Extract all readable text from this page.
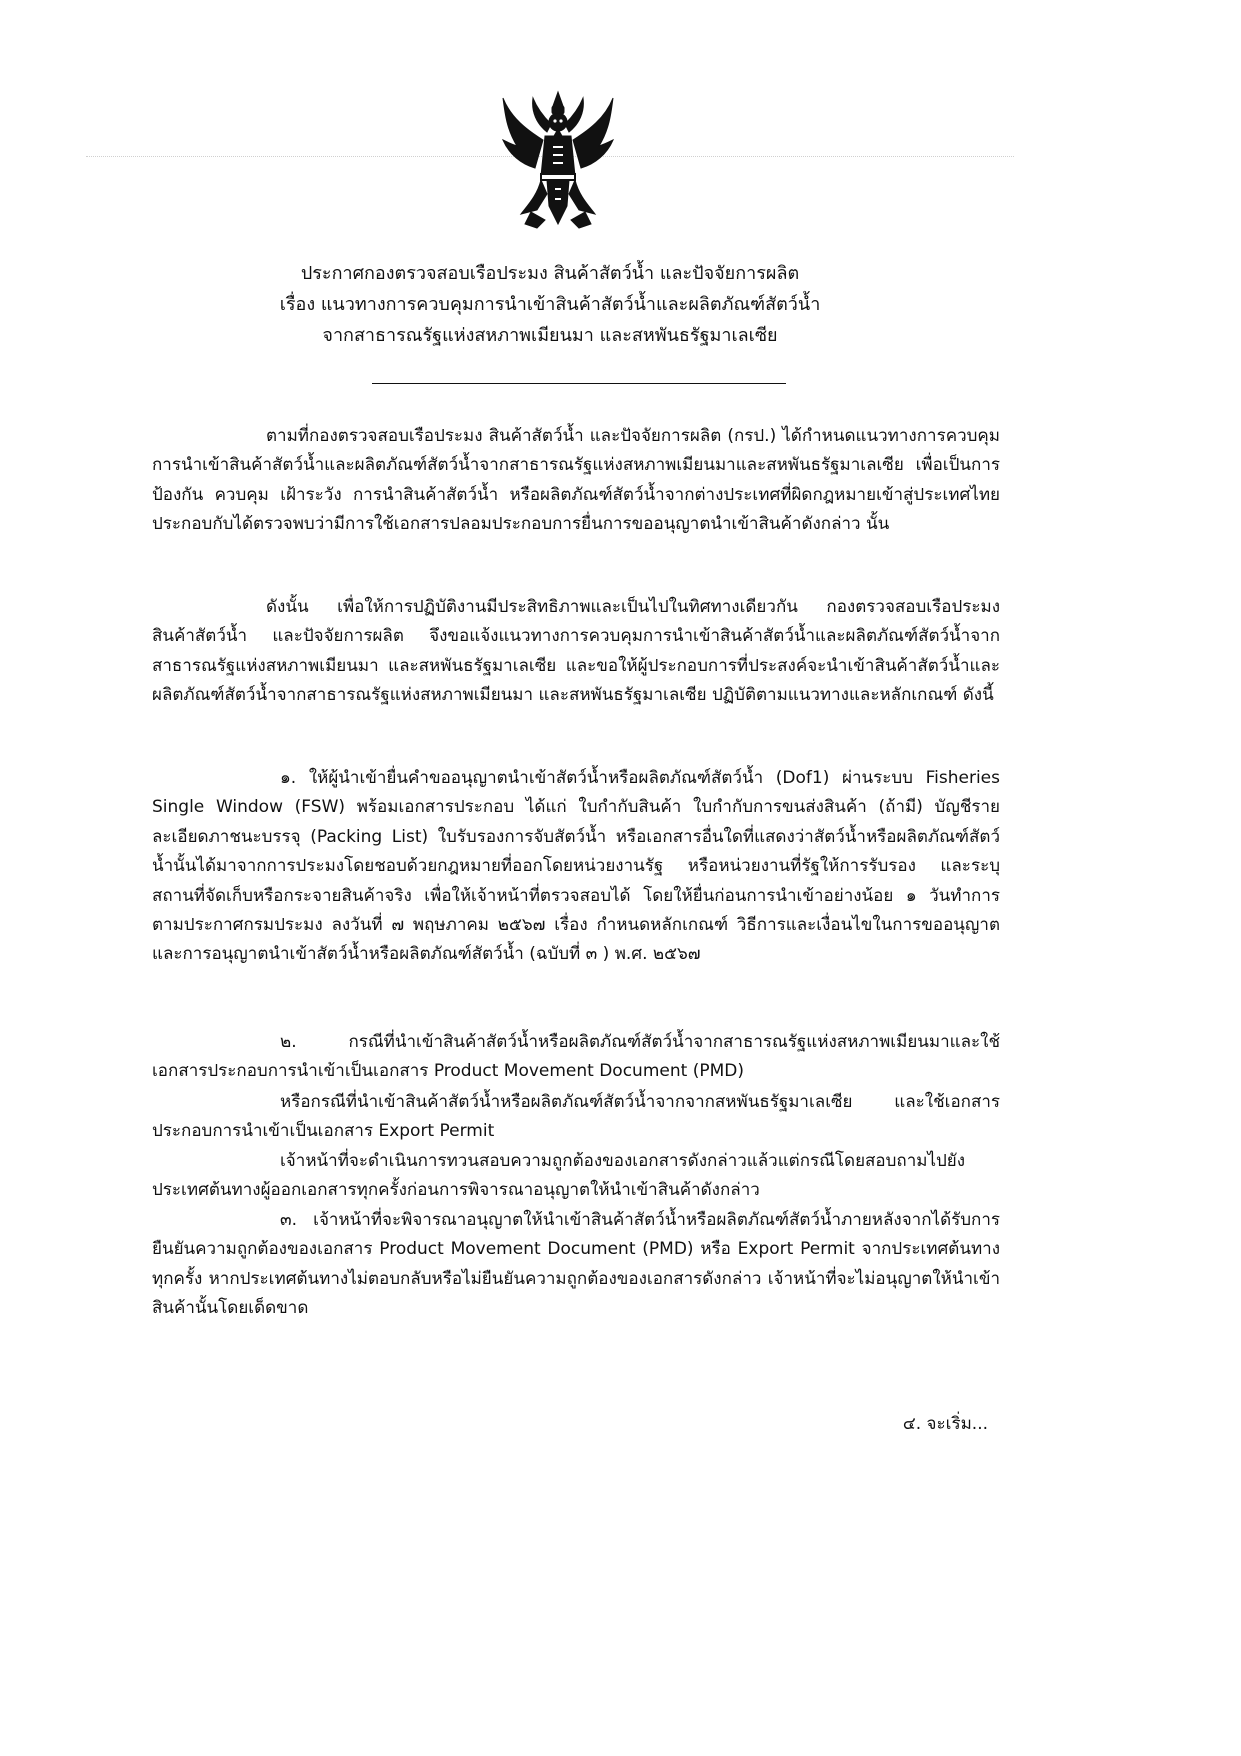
ประกาศกองตรวจสอบเรือประมง สินค้าสัตว์น้ำ และปัจจัยการผลิต
เรื่อง แนวทางการควบคุมการนำเข้าสินค้าสัตว์น้ำและผลิตภัณฑ์สัตว์น้ำ
จากสาธารณรัฐแห่งสหภาพเมียนมา และสหพันธรัฐมาเลเซีย

ตามที่กองตรวจสอบเรือประมง สินค้าสัตว์น้ำ และปัจจัยการผลิต (กรป.) ได้กำหนดแนวทางการควบคุมการนำเข้าสินค้าสัตว์น้ำและผลิตภัณฑ์สัตว์น้ำจากสาธารณรัฐแห่งสหภาพเมียนมาและสหพันธรัฐมาเลเซีย เพื่อเป็นการป้องกัน ควบคุม เฝ้าระวัง การนำสินค้าสัตว์น้ำ หรือผลิตภัณฑ์สัตว์น้ำจากต่างประเทศที่ผิดกฎหมายเข้าสู่ประเทศไทย ประกอบกับได้ตรวจพบว่ามีการใช้เอกสารปลอมประกอบการยื่นการขออนุญาตนำเข้าสินค้าดังกล่าว นั้น

ดังนั้น เพื่อให้การปฏิบัติงานมีประสิทธิภาพและเป็นไปในทิศทางเดียวกัน กองตรวจสอบเรือประมง สินค้าสัตว์น้ำ และปัจจัยการผลิต จึงขอแจ้งแนวทางการควบคุมการนำเข้าสินค้าสัตว์น้ำและผลิตภัณฑ์สัตว์น้ำจากสาธารณรัฐแห่งสหภาพเมียนมา และสหพันธรัฐมาเลเซีย และขอให้ผู้ประกอบการที่ประสงค์จะนำเข้าสินค้าสัตว์น้ำและผลิตภัณฑ์สัตว์น้ำจากสาธารณรัฐแห่งสหภาพเมียนมา และสหพันธรัฐมาเลเซีย ปฏิบัติตามแนวทางและหลักเกณฑ์ ดังนี้

๑. ให้ผู้นำเข้ายื่นคำขออนุญาตนำเข้าสัตว์น้ำหรือผลิตภัณฑ์สัตว์น้ำ (Dof1) ผ่านระบบ Fisheries Single Window (FSW) พร้อมเอกสารประกอบ ได้แก่ ใบกำกับสินค้า ใบกำกับการขนส่งสินค้า (ถ้ามี) บัญชีรายละเอียดภาชนะบรรจุ (Packing List) ใบรับรองการจับสัตว์น้ำ หรือเอกสารอื่นใดที่แสดงว่าสัตว์น้ำหรือผลิตภัณฑ์สัตว์น้ำนั้นได้มาจากการประมงโดยชอบด้วยกฎหมายที่ออกโดยหน่วยงานรัฐ หรือหน่วยงานที่รัฐให้การรับรอง และระบุสถานที่จัดเก็บหรือกระจายสินค้าจริง เพื่อให้เจ้าหน้าที่ตรวจสอบได้ โดยให้ยื่นก่อนการนำเข้าอย่างน้อย ๑ วันทำการ ตามประกาศกรมประมง ลงวันที่ ๗ พฤษภาคม ๒๕๖๗ เรื่อง กำหนดหลักเกณฑ์ วิธีการและเงื่อนไขในการขออนุญาตและการอนุญาตนำเข้าสัตว์น้ำหรือผลิตภัณฑ์สัตว์น้ำ (ฉบับที่ ๓ ) พ.ศ. ๒๕๖๗

๒. กรณีที่นำเข้าสินค้าสัตว์น้ำหรือผลิตภัณฑ์สัตว์น้ำจากสาธารณรัฐแห่งสหภาพเมียนมาและใช้เอกสารประกอบการนำเข้าเป็นเอกสาร Product Movement Document (PMD)

หรือกรณีที่นำเข้าสินค้าสัตว์น้ำหรือผลิตภัณฑ์สัตว์น้ำจากจากสหพันธรัฐมาเลเซีย และใช้เอกสารประกอบการนำเข้าเป็นเอกสาร Export Permit

เจ้าหน้าที่จะดำเนินการทวนสอบความถูกต้องของเอกสารดังกล่าวแล้วแต่กรณีโดยสอบถามไปยังประเทศต้นทางผู้ออกเอกสารทุกครั้งก่อนการพิจารณาอนุญาตให้นำเข้าสินค้าดังกล่าว

๓. เจ้าหน้าที่จะพิจารณาอนุญาตให้นำเข้าสินค้าสัตว์น้ำหรือผลิตภัณฑ์สัตว์น้ำภายหลังจากได้รับการยืนยันความถูกต้องของเอกสาร Product Movement Document (PMD) หรือ Export Permit จากประเทศต้นทางทุกครั้ง หากประเทศต้นทางไม่ตอบกลับหรือไม่ยืนยันความถูกต้องของเอกสารดังกล่าว เจ้าหน้าที่จะไม่อนุญาตให้นำเข้าสินค้านั้นโดยเด็ดขาด

๔. จะเริ่ม...
